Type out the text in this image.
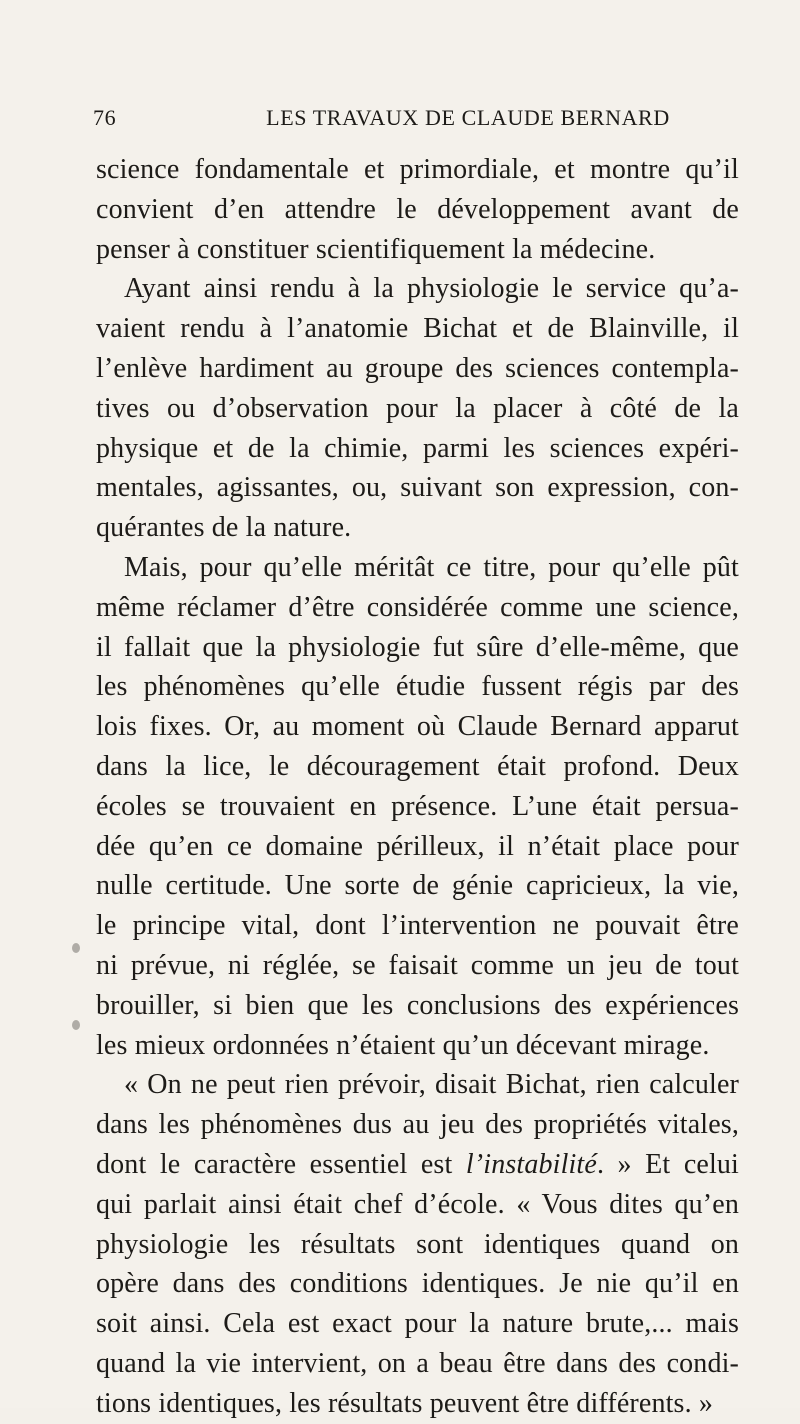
76	LES TRAVAUX DE CLAUDE BERNARD
science fondamentale et primordiale, et montre qu’il
convient d’en attendre le développement avant de
penser à constituer scientifiquement la médecine.
Ayant ainsi rendu à la physiologie le service qu’a-
vaient rendu à l’anatomie Bichat et de Blainville, il
l’enlève hardiment au groupe des sciences contempla-
tives ou d’observation pour la placer à côté de la
physique et de la chimie, parmi les sciences expéri-
mentales, agissantes, ou, suivant son expression, con-
quérantes de la nature.
Mais, pour qu’elle méritât ce titre, pour qu’elle pût
même réclamer d’être considérée comme une science,
il fallait que la physiologie fut sûre d’elle-même, que
les phénomènes qu’elle étudie fussent régis par des
lois fixes. Or, au moment où Claude Bernard apparut
dans la lice, le découragement était profond. Deux
écoles se trouvaient en présence. L’une était persua-
dée qu’en ce domaine périlleux, il n’était place pour
nulle certitude. Une sorte de génie capricieux, la vie,
le principe vital, dont l’intervention ne pouvait être
ni prévue, ni réglée, se faisait comme un jeu de tout
brouiller, si bien que les conclusions des expériences
les mieux ordonnées n’étaient qu’un décevant mirage.
« On ne peut rien prévoir, disait Bichat, rien calculer
dans les phénomènes dus au jeu des propriétés vitales,
dont le caractère essentiel est l’instabilité. » Et celui
qui parlait ainsi était chef d’école. « Vous dites qu’en
physiologie les résultats sont identiques quand on
opère dans des conditions identiques. Je nie qu’il en
soit ainsi. Cela est exact pour la nature brute,... mais
quand la vie intervient, on a beau être dans des condi-
tions identiques, les résultats peuvent être différents. »
